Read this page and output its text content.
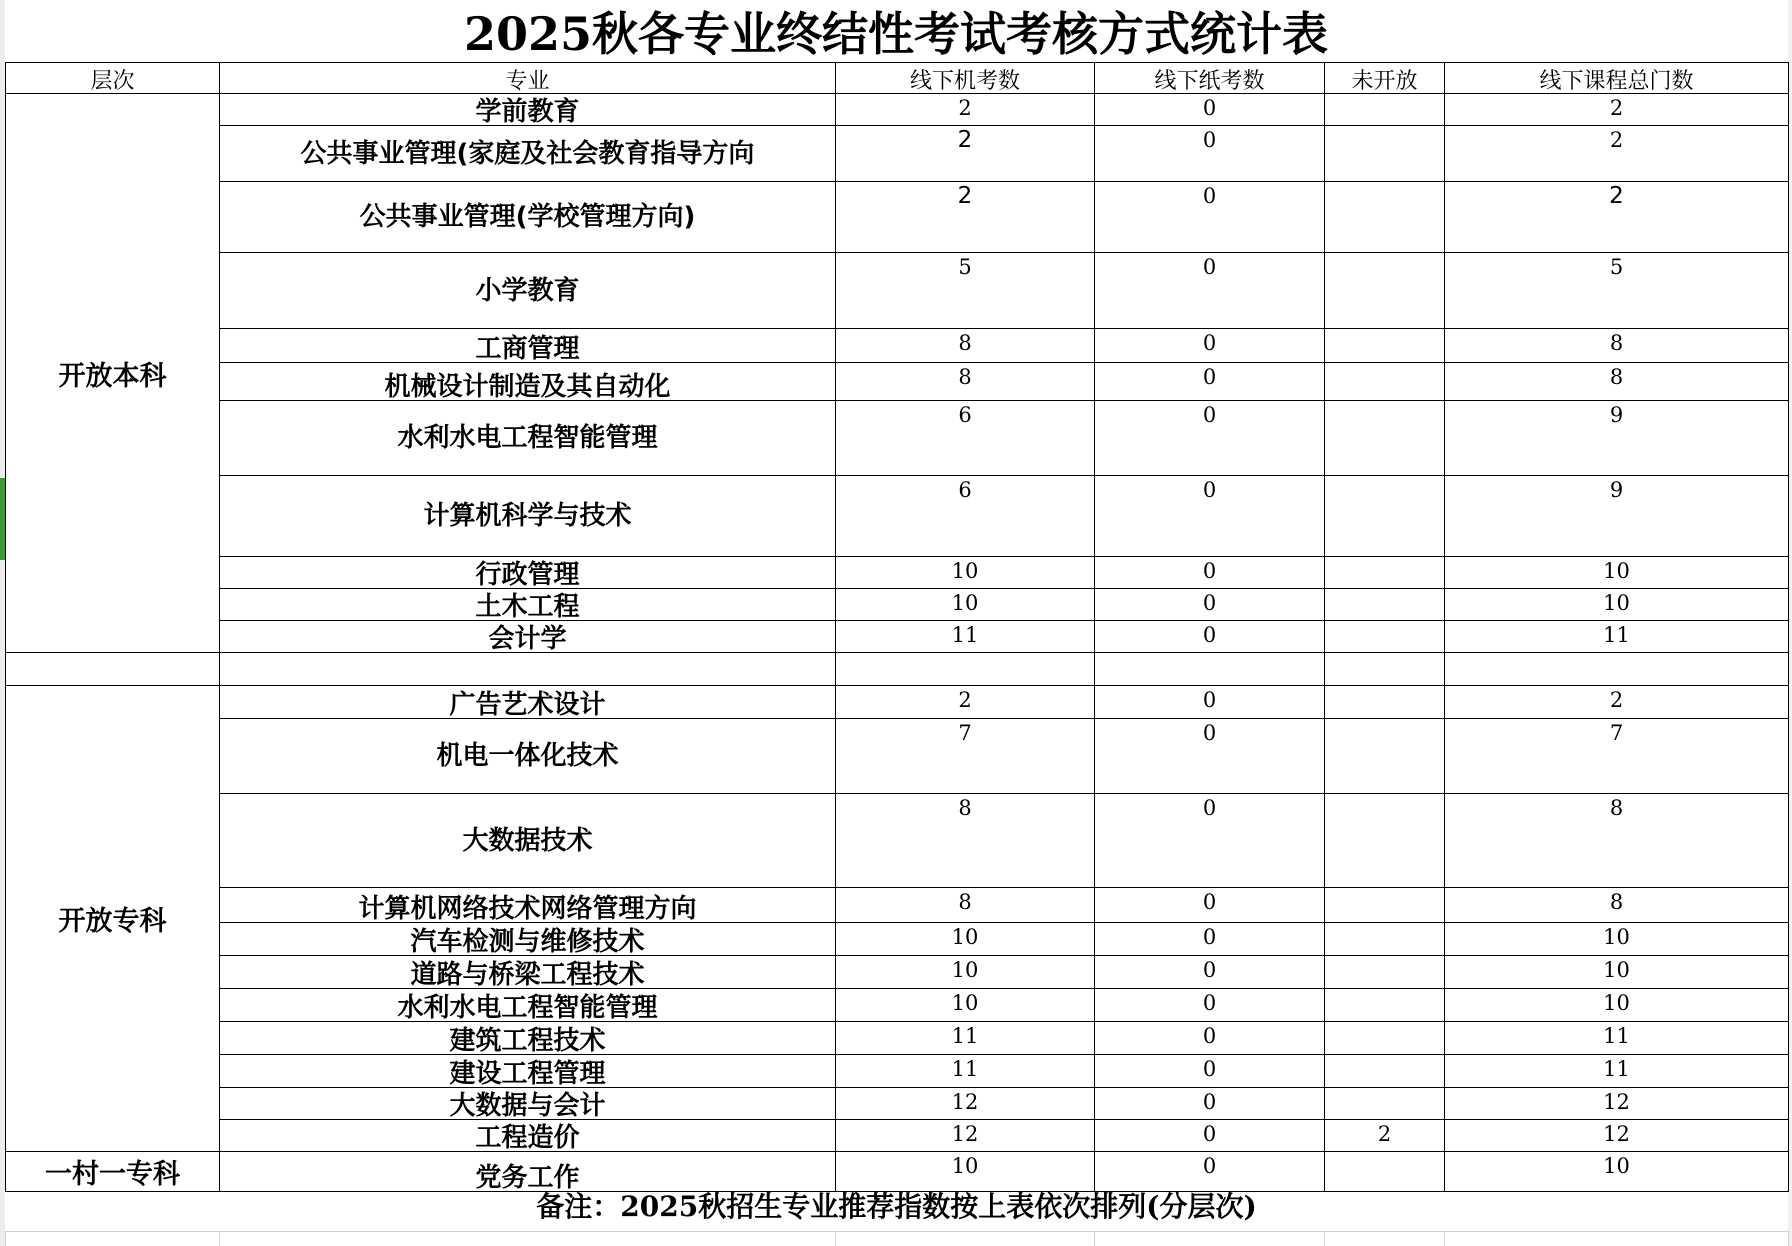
2025秋各专业终结性考试考核方式统计表
层次	专业	线下机考数	线下纸考数	未开放	线下课程总门数
开放本科	学前教育	2	0		2
	公共事业管理(家庭及社会教育指导方向	2	0		2
	公共事业管理(学校管理方向)	2	0		2
	小学教育	5	0		5
	工商管理	8	0		8
	机械设计制造及其自动化	8	0		8
	水利水电工程智能管理	6	0		9
	计算机科学与技术	6	0		9
	行政管理	10	0		10
	土木工程	10	0		10
	会计学	11	0		11

开放专科	广告艺术设计	2	0		2
	机电一体化技术	7	0		7
	大数据技术	8	0		8
	计算机网络技术网络管理方向	8	0		8
	汽车检测与维修技术	10	0		10
	道路与桥梁工程技术	10	0		10
	水利水电工程智能管理	10	0		10
	建筑工程技术	11	0		11
	建设工程管理	11	0		11
	大数据与会计	12	0		12
	工程造价	12	0	2	12
一村一专科	党务工作	10	0		10
备注：2025秋招生专业推荐指数按上表依次排列(分层次)
